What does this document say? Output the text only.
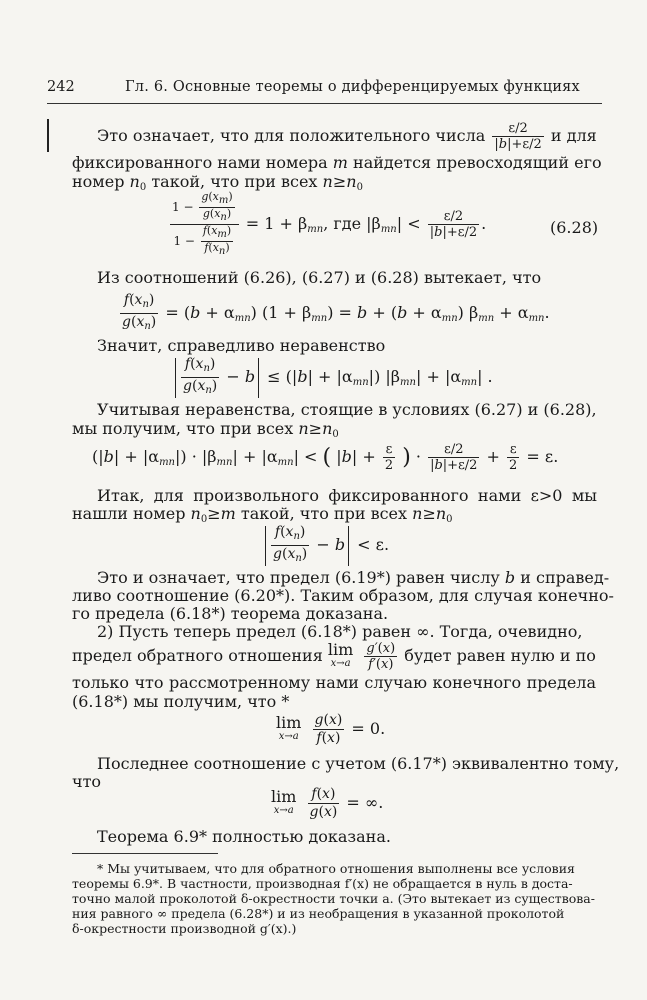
242	Гл. 6. Основные теоремы о дифференцируемых функциях
Это означает, что для положительного числа $\frac{\varepsilon/2}{|b|+\varepsilon/2}$ и для
фиксированного нами номера m найдется превосходящий его
номер $n_0$ такой, что при всех $n\ge n_0$
$\frac{1 - \frac{g(x_m)}{g(x_n)}}{1 - \frac{f(x_m)}{f(x_n)}} = 1 + \beta_{mn}$, где $|\beta_{mn}| < \frac{\varepsilon/2}{|b|+\varepsilon/2}$ .	(6.28)
Из соотношений (6.26), (6.27) и (6.28) вытекает, что
$\frac{f(x_n)}{g(x_n)} = (b + \alpha_{mn}) (1 + \beta_{mn}) = b + (b + \alpha_{mn}) \beta_{mn} + \alpha_{mn}$.
Значит, справедливо неравенство
$\frac{f(x_n)}{g(x_n)} - b \le (|b| + |\alpha_{mn}|) |\beta_{mn}| + |\alpha_{mn}|$ .
Учитывая неравенства, стоящие в условиях (6.27) и (6.28),
мы получим, что при всех $n\ge n_0$
$(|b| + |\alpha_{mn}|) \cdot |\beta_{mn}| + |\alpha_{mn}|$ < ( $|b| + \frac{\varepsilon}{2}$ ) · $\frac{\varepsilon/2}{|b|+\varepsilon/2} + \frac{\varepsilon}{2} = \varepsilon$.
Итак, для произвольного фиксированного нами ε>0 мы
нашли номер $n_0\ge m$ такой, что при всех $n\ge n_0$
$\frac{f(x_n)}{g(x_n)} - b < \varepsilon$.
Это и означает, что предел (6.19*) равен числу b и справед-
ливо соотношение (6.20*). Таким образом, для случая конечно-
го предела (6.18*) теорема доказана.
2) Пусть теперь предел (6.18*) равен ∞. Тогда, очевидно,
предел обратного отношения lim
x→a
$\frac{g'(x)}{f'(x)}$ будет равен нулю и по
только что рассмотренному нами случаю конечного предела
(6.18*) мы получим, что *
lim
x→a
$\frac{g(x)}{f(x)} = 0$.
Последнее соотношение с учетом (6.17*) эквивалентно тому,
что
lim
x→a
$\frac{f(x)}{g(x)}$ = ∞.
Теорема 6.9* полностью доказана.
* Мы учитываем, что для обратного отношения выполнены все условия
теоремы 6.9*. В частности, производная f′(x) не обращается в нуль в доста-
точно малой проколотой δ-окрестности точки a. (Это вытекает из существова-
ния равного ∞ предела (6.28*) и из необращения в указанной проколотой
δ-окрестности производной g′(x).)
